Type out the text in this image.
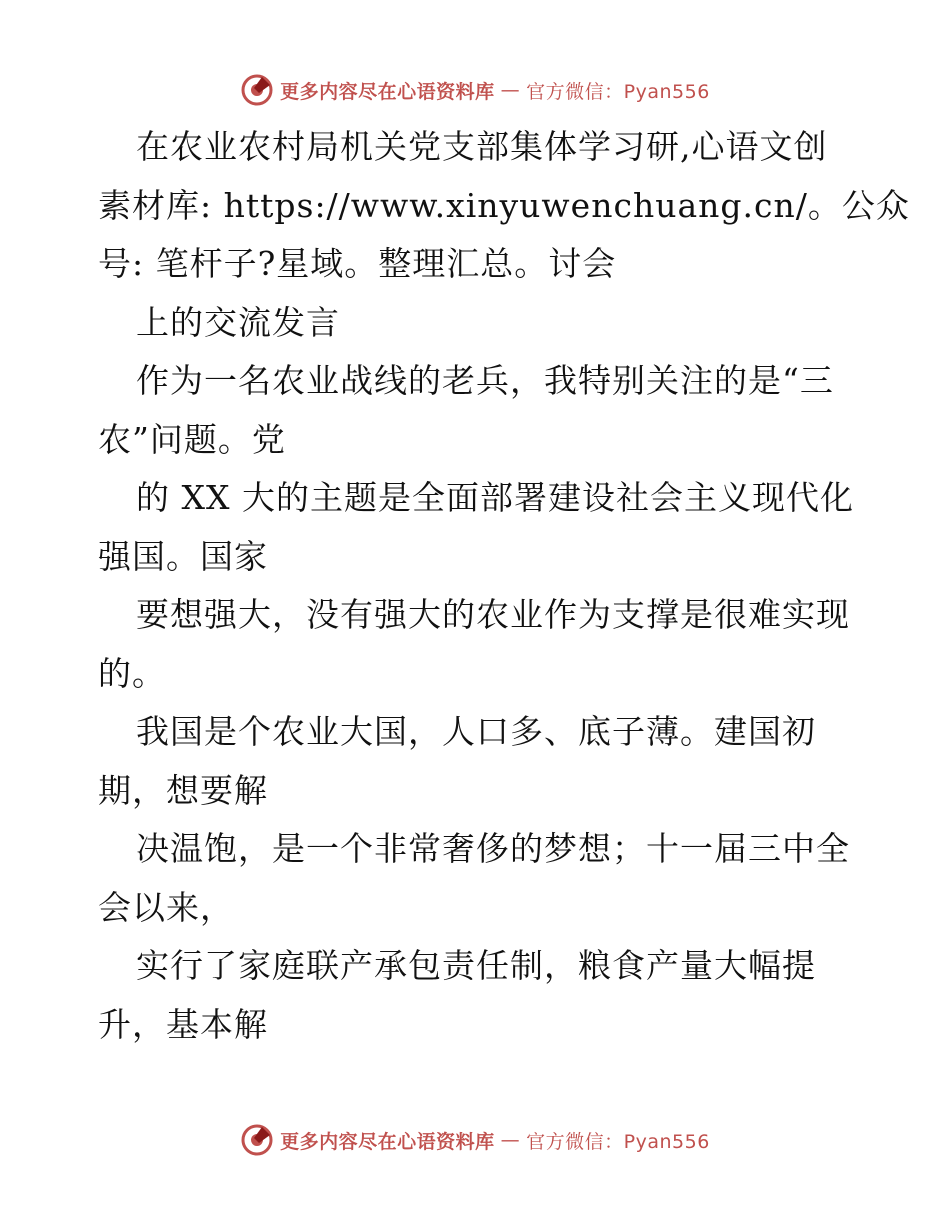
更多内容尽在心语资料库 — 官方微信：Pyan556
在农业农村局机关党支部集体学习研,心语文创
素材库: https://www.xinyuwenchuang.cn/。公众
号: 笔杆子?星域。整理汇总。讨会
上的交流发言
作为一名农业战线的老兵，我特别关注的是“三
农”问题。党
的 XX 大的主题是全面部署建设社会主义现代化
强国。国家
要想强大，没有强大的农业作为支撑是很难实现
的。
我国是个农业大国，人口多、底子薄。建国初
期，想要解
决温饱，是一个非常奢侈的梦想；十一届三中全
会以来，
实行了家庭联产承包责任制，粮食产量大幅提
升，基本解
更多内容尽在心语资料库 — 官方微信：Pyan556
